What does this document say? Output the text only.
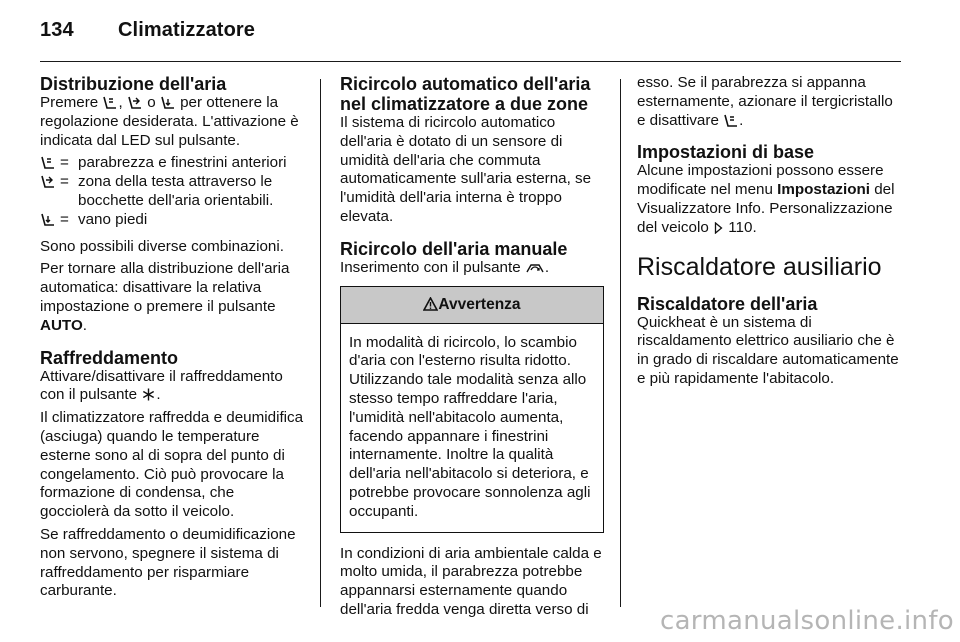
134 Climatizzatore
Distribuzione dell'aria

Premere , o per ottenere la regolazione desiderata. L'attivazione è indicata dal LED sul pulsante.

= parabrezza e finestrini anteriori
= zona della testa attraverso le bocchette dell'aria orientabili.
= vano piedi

Sono possibili diverse combinazioni.

Per tornare alla distribuzione dell'aria automatica: disattivare la relativa impostazione o premere il pulsante AUTO.

Raffreddamento

Attivare/disattivare il raffreddamento con il pulsante .

Il climatizzatore raffredda e deumidifica (asciuga) quando le temperature esterne sono al di sopra del punto di congelamento. Ciò può provocare la formazione di condensa, che gocciolerà da sotto il veicolo.

Se raffreddamento o deumidificazione non servono, spegnere il sistema di raffreddamento per risparmiare carburante.

Ricircolo automatico dell'aria nel climatizzatore a due zone

Il sistema di ricircolo automatico dell'aria è dotato di un sensore di umidità dell'aria che commuta automaticamente sull'aria esterna, se l'umidità dell'aria interna è troppo elevata.

Ricircolo dell'aria manuale

Inserimento con il pulsante .

Avvertenza
In modalità di ricircolo, lo scambio d'aria con l'esterno risulta ridotto. Utilizzando tale modalità senza allo stesso tempo raffreddare l'aria, l'umidità nell'abitacolo aumenta, facendo appannare i finestrini internamente. Inoltre la qualità dell'aria nell'abitacolo si deteriora, e potrebbe provocare sonnolenza agli occupanti.

In condizioni di aria ambientale calda e molto umida, il parabrezza potrebbe appannarsi esternamente quando dell'aria fredda venga diretta verso di

esso. Se il parabrezza si appanna esternamente, azionare il tergicristallo e disattivare .

Impostazioni di base

Alcune impostazioni possono essere modificate nel menu Impostazioni del Visualizzatore Info. Personalizzazione del veicolo 110.

Riscaldatore ausiliario
Riscaldatore dell'aria

Quickheat è un sistema di riscaldamento elettrico ausiliario che è in grado di riscaldare automaticamente e più rapidamente l'abitacolo.

carmanualsonline.info
